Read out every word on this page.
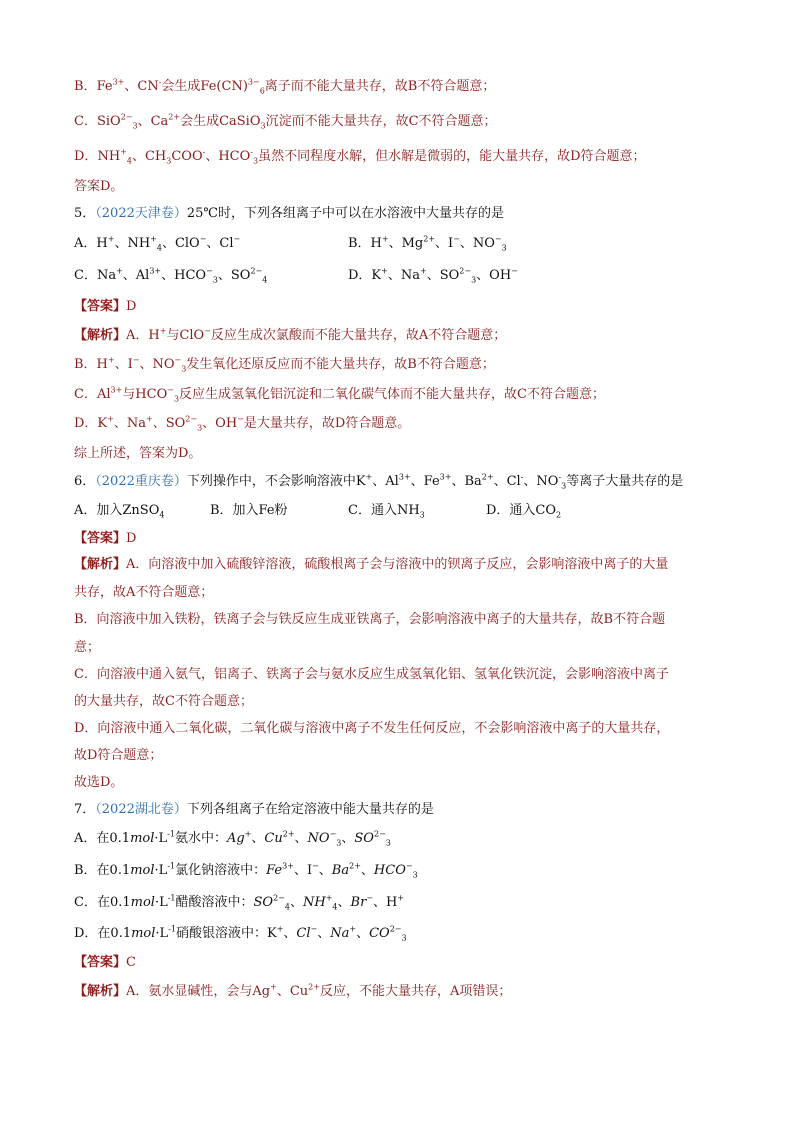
B．$Fe^{3+}$、CN-会生成Fe(CN)$^{3-}_6$离子而不能大量共存，故B不符合题意；
C．SiO$^{2-}_3$、$Ca^{2+}$会生成CaSiO$_3$沉淀而不能大量共存，故C不符合题意；
D．$NH^+_4$、$CH_3COO^-$、$HCO^-_3$虽然不同程度水解，但水解是微弱的，能大量共存，故D符合题意；
答案D。
5．（2022天津卷）25℃时，下列各组离子中可以在水溶液中大量共存的是
A．H+、$NH^+_4$、ClO−、Cl−	B．H+、$Mg^{2+}$、I−、$NO^-_3$
C．Na+、$Al^{3+}$、$HCO^-_3$、$SO^{2-}_4$	D．K+、Na+、$SO^{2-}_3$、OH−
【答案】D
【解析】A．H+与ClO−反应生成次氯酸而不能大量共存，故A不符合题意；
B．H+、I−、$NO^-_3$发生氧化还原反应而不能大量共存，故B不符合题意；
C．$Al^{3+}$与$HCO^-_3$反应生成氢氧化铝沉淀和二氧化碳气体而不能大量共存，故C不符合题意；
D．K+、Na+、$SO^{2-}_3$、OH−是大量共存，故D符合题意。
综上所述，答案为D。
6．（2022重庆卷）下列操作中，不会影响溶液中K+、$Al^{3+}$、$Fe^{3+}$、$Ba^{2+}$、Cl-、$NO^-_3$等离子大量共存的是
A．加入ZnSO$_4$	B．加入Fe粉	C．通入$NH_3$	D．通入$CO_2$
【答案】D
【解析】A．向溶液中加入硫酸锌溶液，硫酸根离子会与溶液中的钡离子反应，会影响溶液中离子的大量
共存，故A不符合题意；
B．向溶液中加入铁粉，铁离子会与铁反应生成亚铁离子，会影响溶液中离子的大量共存，故B不符合题
意；
C．向溶液中通入氨气，铝离子、铁离子会与氨水反应生成氢氧化铝、氢氧化铁沉淀，会影响溶液中离子
的大量共存，故C不符合题意；
D．向溶液中通入二氧化碳，二氧化碳与溶液中离子不发生任何反应，不会影响溶液中离子的大量共存，
故D符合题意；
故选D。
7．（2022湖北卷）下列各组离子在给定溶液中能大量共存的是
A．在$0.1mol\cdot L^{-1}$氨水中：Ag+、$Cu^{2+}$、$NO^-_3$、$SO^{2-}_3$
B．在$0.1mol\cdot L^{-1}$氯化钠溶液中：$Fe^{3+}$、I−、$Ba^{2+}$、$HCO^-_3$
C．在$0.1mol\cdot L^{-1}$醋酸溶液中：$SO^{2-}_4$、$NH^+_4$、Br−、H+
D．在$0.1mol\cdot L^{-1}$硝酸银溶液中：K+、Cl−、Na+、$CO^{2-}_3$
【答案】C
【解析】A．氨水显碱性，会与Ag+、$Cu^{2+}$反应，不能大量共存，A项错误；
